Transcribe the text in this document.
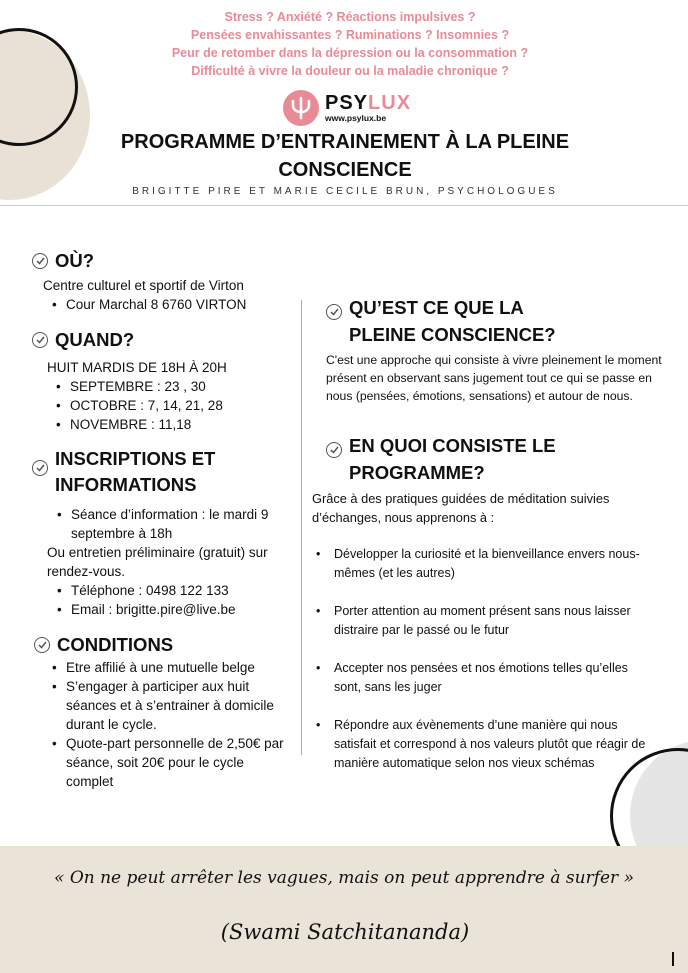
Stress ? Anxiété ? Réactions impulsives ?
Pensées envahissantes ? Ruminations ? Insomnies ?
Peur de retomber dans la dépression ou la consommation ?
Difficulté à vivre la douleur ou la maladie chronique ?
PSYLUX
www.psylux.be
PROGRAMME D’ENTRAINEMENT À LA PLEINE
CONSCIENCE
BRIGITTE PIRE ET MARIE CECILE BRUN, PSYCHOLOGUES
OÙ?
Centre culturel et sportif de Virton
• Cour Marchal 8 6760 VIRTON
QUAND?
HUIT MARDIS DE 18H À 20H
• SEPTEMBRE : 23 , 30
• OCTOBRE : 7, 14, 21, 28
• NOVEMBRE : 11,18
INSCRIPTIONS ET
INFORMATIONS
• Séance d’information : le mardi 9
septembre à 18h
Ou entretien préliminaire (gratuit) sur
rendez-vous.
• Téléphone : 0498 122 133
• Email : brigitte.pire@live.be
CONDITIONS
• Etre affilié à une mutuelle belge
• S’engager à participer aux huit
séances et à s’entrainer à domicile
durant le cycle.
• Quote-part personnelle de 2,50€ par
séance, soit 20€ pour le cycle
complet
QU’EST CE QUE LA
PLEINE CONSCIENCE?
C'est une approche qui consiste à vivre pleinement le moment
présent en observant sans jugement tout ce qui se passe en
nous (pensées, émotions, sensations) et autour de nous.
EN QUOI CONSISTE LE
PROGRAMME?
Grâce à des pratiques guidées de méditation suivies
d’échanges, nous apprenons à :
• Développer la curiosité et la bienveillance envers nous-
mêmes (et les autres)
• Porter attention au moment présent sans nous laisser
distraire par le passé ou le futur
• Accepter nos pensées et nos émotions telles qu’elles
sont, sans les juger
• Répondre aux évènements d’une manière qui nous
satisfait et correspond à nos valeurs plutôt que réagir de
manière automatique selon nos vieux schémas
« On ne peut arrêter les vagues, mais on peut apprendre à surfer »
(Swami Satchitananda)
